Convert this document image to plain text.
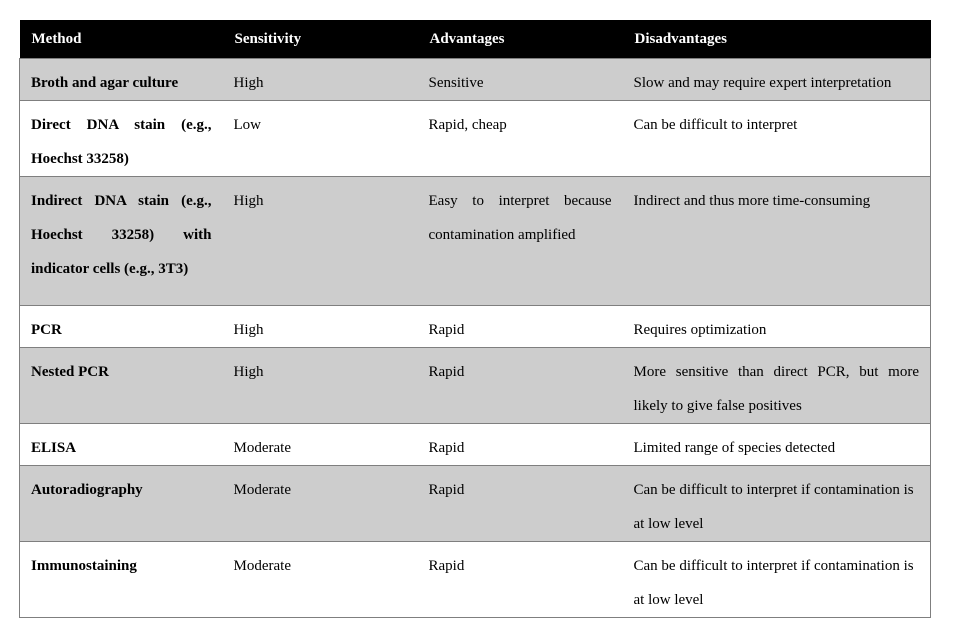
Method	Sensitivity	Advantages	Disadvantages
Broth and agar culture	High	Sensitive	Slow and may require expert interpretation
Direct DNA stain (e.g., Hoechst 33258)	Low	Rapid, cheap	Can be difficult to interpret
Indirect DNA stain (e.g., Hoechst 33258) with indicator cells (e.g., 3T3)	High	Easy to interpret because contamination amplified	Indirect and thus more time-consuming
PCR	High	Rapid	Requires optimization
Nested PCR	High	Rapid	More sensitive than direct PCR, but more likely to give false positives
ELISA	Moderate	Rapid	Limited range of species detected
Autoradiography	Moderate	Rapid	Can be difficult to interpret if contamination is at low level
Immunostaining	Moderate	Rapid	Can be difficult to interpret if contamination is at low level
